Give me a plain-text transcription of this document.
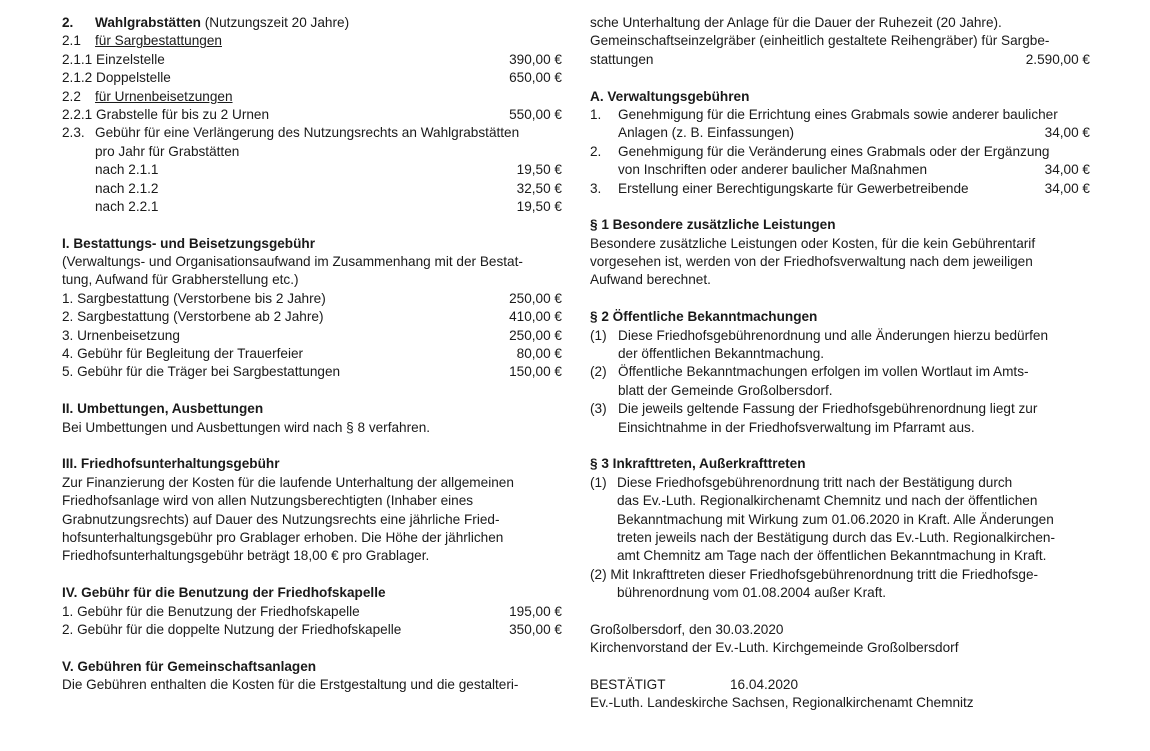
2. Wahlgrabstätten (Nutzungszeit 20 Jahre)
2.1 für Sargbestattungen
2.1.1 Einzelstelle	390,00 €
2.1.2 Doppelstelle	650,00 €
2.2 für Urnenbeisetzungen
2.2.1 Grabstelle für bis zu 2 Urnen	550,00 €
2.3. Gebühr für eine Verlängerung des Nutzungsrechts an Wahlgrabstätten
pro Jahr für Grabstätten
nach 2.1.1	19,50 €
nach 2.1.2	32,50 €
nach 2.2.1	19,50 €
I. Bestattungs- und Beisetzungsgebühr
(Verwaltungs- und Organisationsaufwand im Zusammenhang mit der Bestat-
tung, Aufwand für Grabherstellung etc.)
1. Sargbestattung (Verstorbene bis 2 Jahre)	250,00 €
2. Sargbestattung (Verstorbene ab 2 Jahre)	410,00 €
3. Urnenbeisetzung	250,00 €
4. Gebühr für Begleitung der Trauerfeier	80,00 €
5. Gebühr für die Träger bei Sargbestattungen	150,00 €
II. Umbettungen, Ausbettungen
Bei Umbettungen und Ausbettungen wird nach § 8 verfahren.
III. Friedhofsunterhaltungsgebühr
Zur Finanzierung der Kosten für die laufende Unterhaltung der allgemeinen
Friedhofsanlage wird von allen Nutzungsberechtigten (Inhaber eines
Grabnutzungsrechts) auf Dauer des Nutzungsrechts eine jährliche Fried-
hofsunterhaltungsgebühr pro Grablager erhoben. Die Höhe der jährlichen
Friedhofsunterhaltungsgebühr beträgt 18,00 € pro Grablager.
IV. Gebühr für die Benutzung der Friedhofskapelle
1. Gebühr für die Benutzung der Friedhofskapelle	195,00 €
2. Gebühr für die doppelte Nutzung der Friedhofskapelle	350,00 €
V. Gebühren für Gemeinschaftsanlagen
Die Gebühren enthalten die Kosten für die Erstgestaltung und die gestalteri-
sche Unterhaltung der Anlage für die Dauer der Ruhezeit (20 Jahre).
Gemeinschaftseinzelgräber (einheitlich gestaltete Reihengräber) für Sargbe-
stattungen	2.590,00 €
A. Verwaltungsgebühren
1. Genehmigung für die Errichtung eines Grabmals sowie anderer baulicher
Anlagen (z. B. Einfassungen)	34,00 €
2. Genehmigung für die Veränderung eines Grabmals oder der Ergänzung
von Inschriften oder anderer baulicher Maßnahmen	34,00 €
3. Erstellung einer Berechtigungskarte für Gewerbetreibende	34,00 €
§ 1 Besondere zusätzliche Leistungen
Besondere zusätzliche Leistungen oder Kosten, für die kein Gebührentarif
vorgesehen ist, werden von der Friedhofsverwaltung nach dem jeweiligen
Aufwand berechnet.
§ 2 Öffentliche Bekanntmachungen
(1) Diese Friedhofsgebührenordnung und alle Änderungen hierzu bedürfen
der öffentlichen Bekanntmachung.
(2) Öffentliche Bekanntmachungen erfolgen im vollen Wortlaut im Amts-
blatt der Gemeinde Großolbersdorf.
(3) Die jeweils geltende Fassung der Friedhofsgebührenordnung liegt zur
Einsichtnahme in der Friedhofsverwaltung im Pfarramt aus.
§ 3 Inkrafttreten, Außerkrafttreten
(1) Diese Friedhofsgebührenordnung tritt nach der Bestätigung durch
das Ev.-Luth. Regionalkirchenamt Chemnitz und nach der öffentlichen
Bekanntmachung mit Wirkung zum 01.06.2020 in Kraft. Alle Änderungen
treten jeweils nach der Bestätigung durch das Ev.-Luth. Regionalkirchen-
amt Chemnitz am Tage nach der öffentlichen Bekanntmachung in Kraft.
(2) Mit Inkrafttreten dieser Friedhofsgebührenordnung tritt die Friedhofsge-
bührenordnung vom 01.08.2004 außer Kraft.
Großolbersdorf, den 30.03.2020
Kirchenvorstand der Ev.-Luth. Kirchgemeinde Großolbersdorf
BESTÄTIGT	16.04.2020
Ev.-Luth. Landeskirche Sachsen, Regionalkirchenamt Chemnitz
